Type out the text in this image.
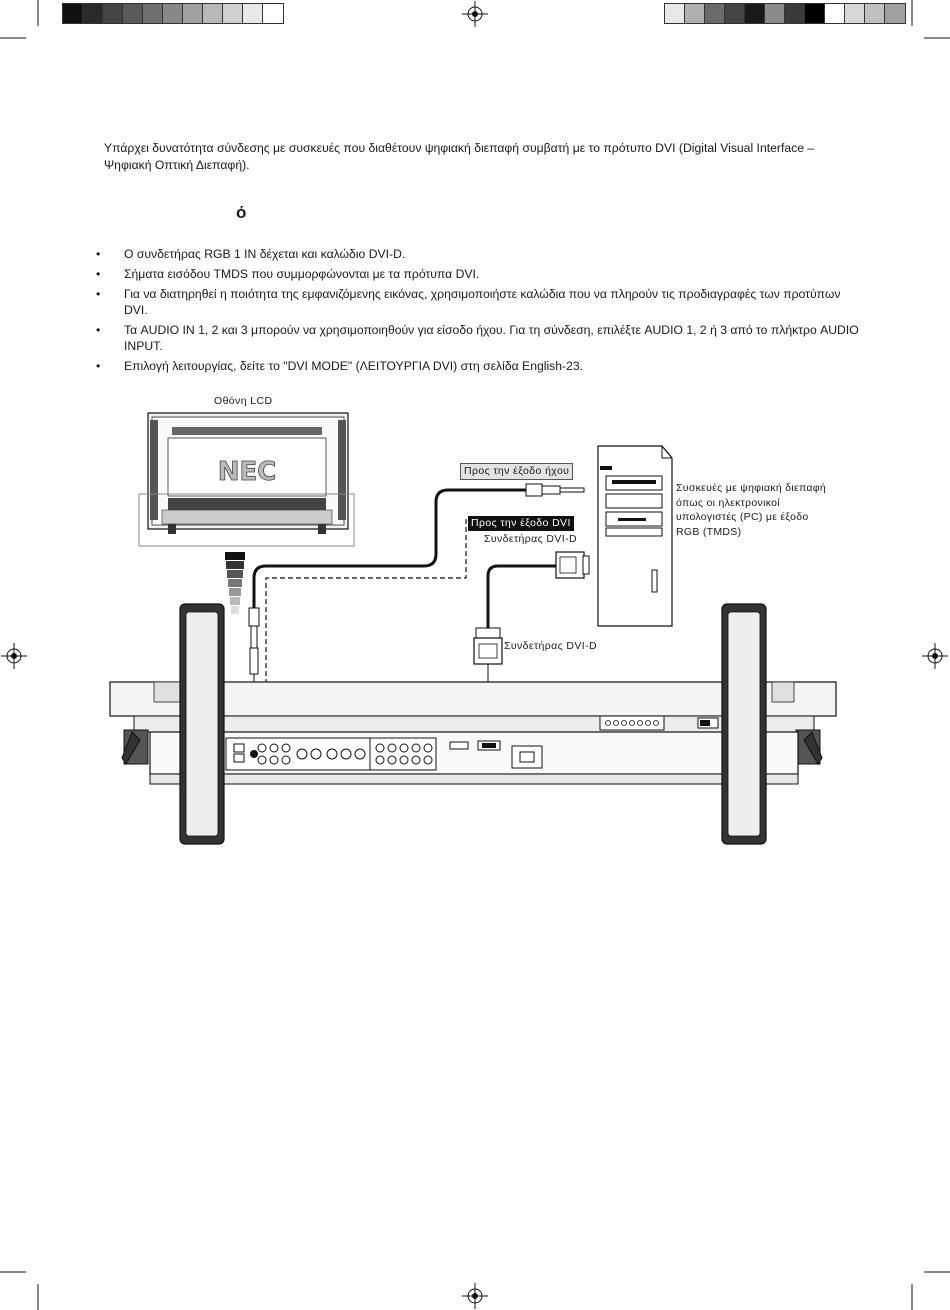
Υπάρχει δυνατότητα σύνδεσης με συσκευές που διαθέτουν ψηφιακή διεπαφή συμβατή με το πρότυπο DVI (Digital Visual Interface – Ψηφιακή Οπτική Διεπαφή).

ό

• Ο συνδετήρας RGB 1 IN δέχεται και καλώδιο DVI-D.
• Σήματα εισόδου TMDS που συμμορφώνονται με τα πρότυπα DVI.
• Για να διατηρηθεί η ποιότητα της εμφανιζόμενης εικόνας, χρησιμοποιήστε καλώδια που να πληρούν τις προδιαγραφές των προτύπων DVI.
• Τα AUDIO IN 1, 2 και 3 μπορούν να χρησιμοποιηθούν για είσοδο ήχου. Για τη σύνδεση, επιλέξτε AUDIO 1, 2 ή 3 από το πλήκτρο AUDIO INPUT.
• Επιλογή λειτουργίας, δείτε το "DVI MODE" (ΛΕΙΤΟΥΡΓΙΑ DVI) στη σελίδα English-23.
NEC
Οθόνη LCD
Προς την έξοδο ήχου
Προς την έξοδο DVI
Συνδετήρας DVI-D
Συνδετήρας DVI-D

Συσκευές με ψηφιακή διεπαφή όπως οι ηλεκτρονικοί υπολογιστές (PC) με έξοδο RGB (TMDS)
